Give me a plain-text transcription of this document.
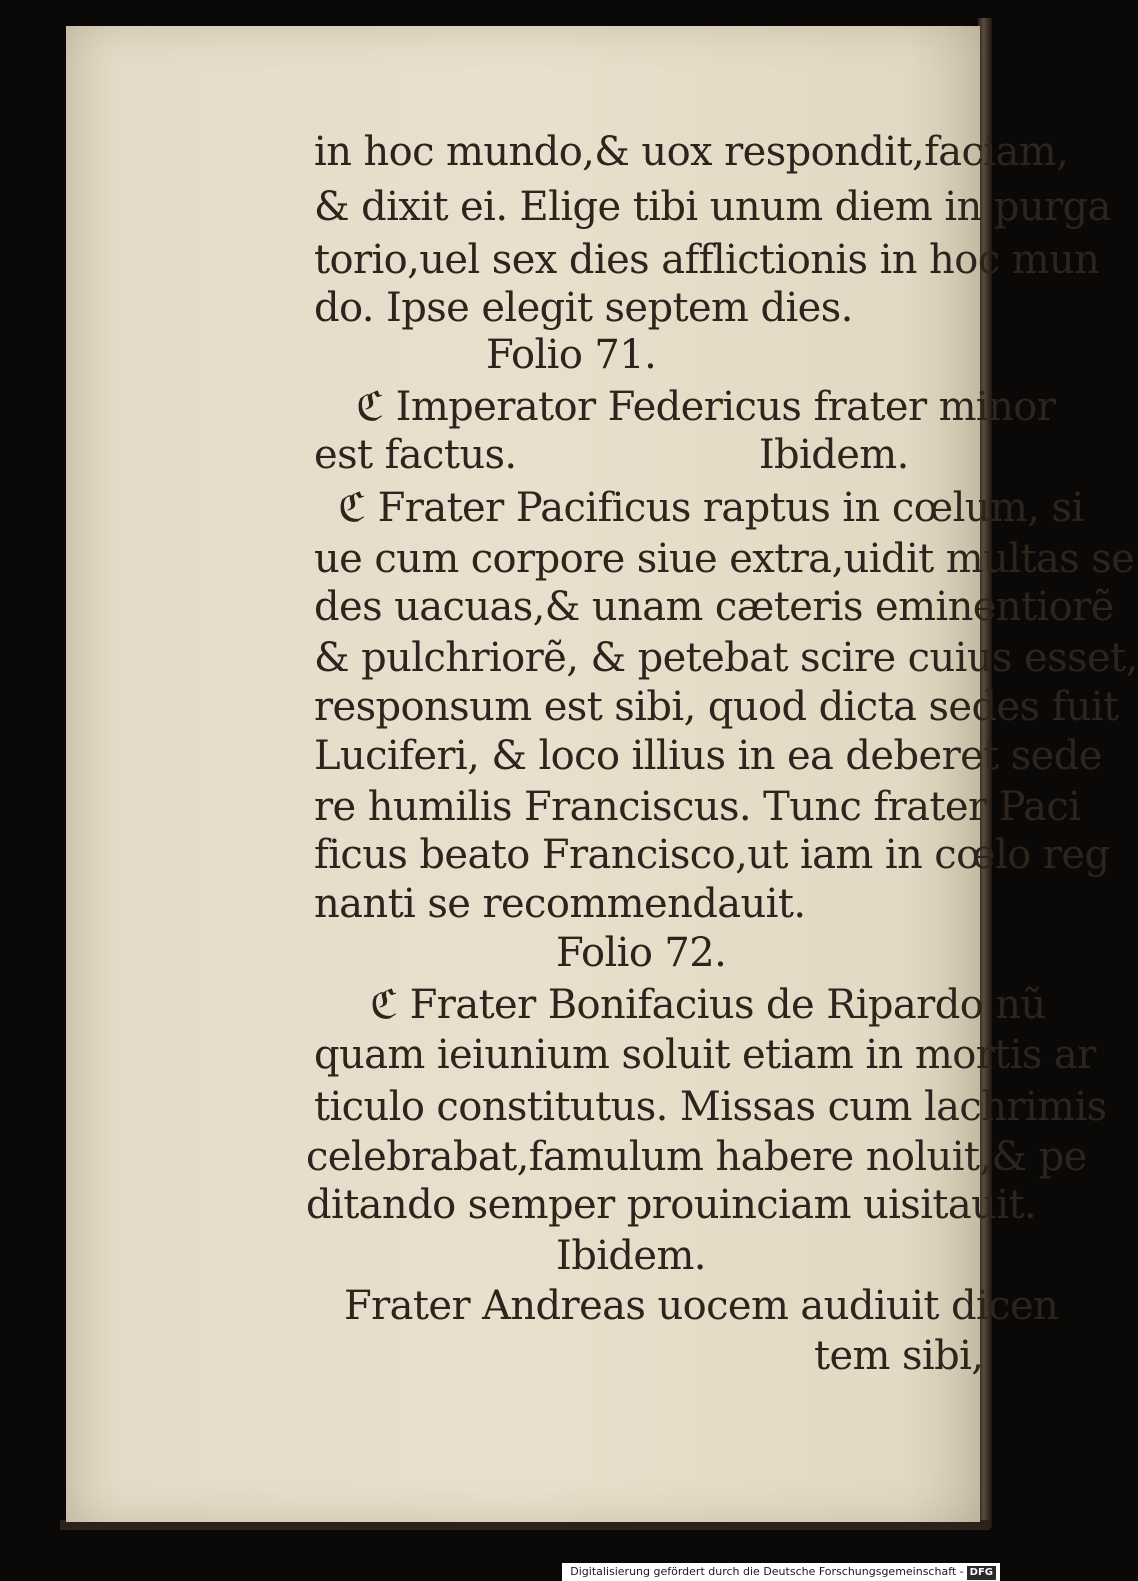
in hoc mundo,& uox respondit,faciam,
& dixit ei. Elige tibi unum diem in purga
torio,uel sex dies afflictionis in hoc mun
do. Ipse elegit septem dies.
Folio 71.
ℭ Imperator Federicus frater minor
est factus.                    Ibidem.
ℭ Frater Pacificus raptus in cœlum, si
ue cum corpore siue extra,uidit multas se
des uacuas,& unam cæteris eminentiorẽ
& pulchriorẽ, & petebat scire cuius esset,
responsum est sibi, quod dicta sedes fuit
Luciferi, & loco illius in ea deberet sede
re humilis Franciscus. Tunc frater Paci
ficus beato Francisco,ut iam in cœlo reg
nanti se recommendauit.
Folio 72.
ℭ Frater Bonifacius de Ripardo nũ
quam ieiunium soluit etiam in mortis ar
ticulo constitutus. Missas cum lachrimis
celebrabat,famulum habere noluit,& pe
ditando semper prouinciam uisitauit.
Ibidem.
Frater Andreas uocem audiuit dicen
tem sibi,
Digitalisierung gefördert durch die Deutsche Forschungsgemeinschaft - DFG
